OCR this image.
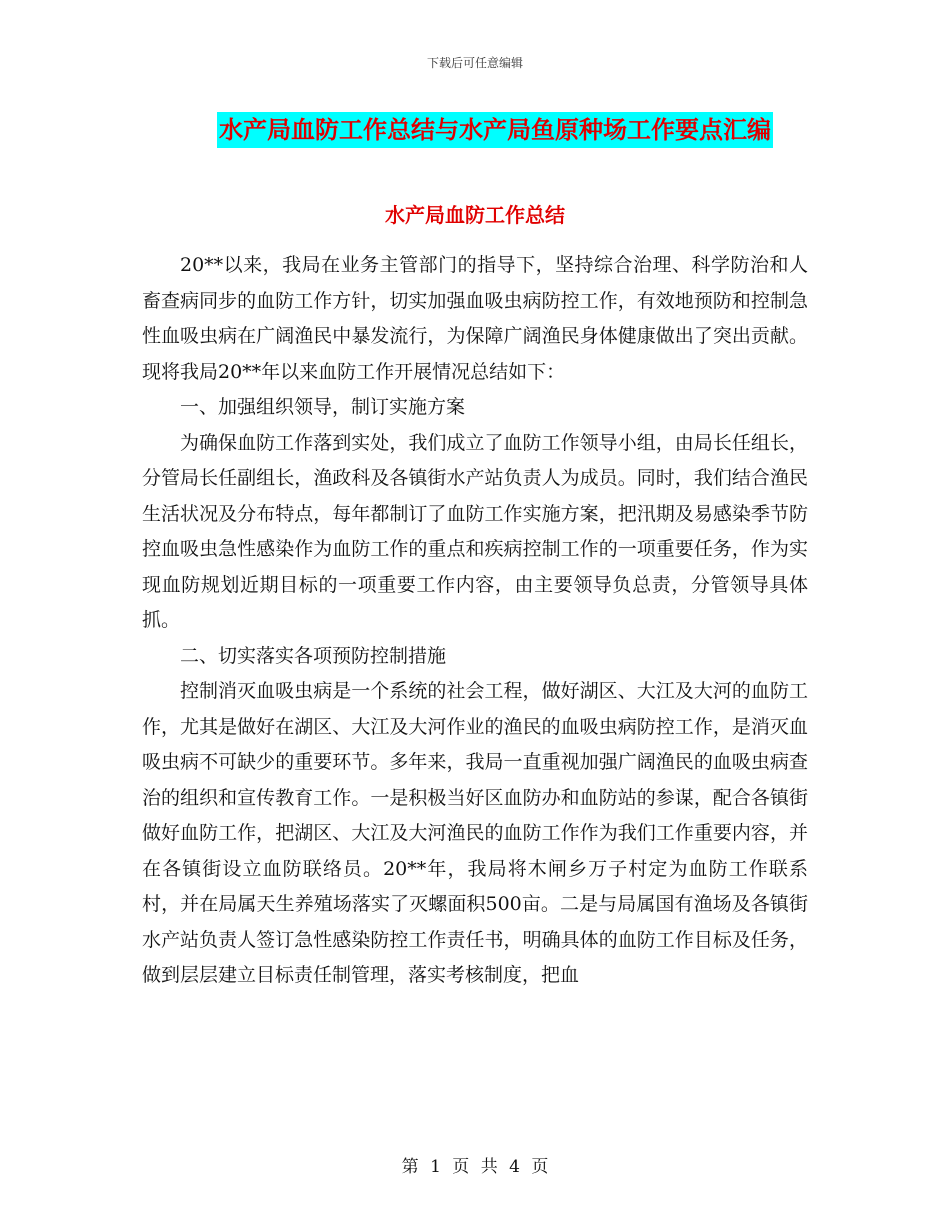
下载后可任意编辑
水产局血防工作总结与水产局鱼原种场工作要点汇编
水产局血防工作总结

20**以来，我局在业务主管部门的指导下，坚持综合治理、科学防治和人畜查病同步的血防工作方针，切实加强血吸虫病防控工作，有效地预防和控制急性血吸虫病在广阔渔民中暴发流行，为保障广阔渔民身体健康做出了突出贡献。现将我局20**年以来血防工作开展情况总结如下：

一、加强组织领导，制订实施方案

为确保血防工作落到实处，我们成立了血防工作领导小组，由局长任组长，分管局长任副组长，渔政科及各镇街水产站负责人为成员。同时，我们结合渔民生活状况及分布特点，每年都制订了血防工作实施方案，把汛期及易感染季节防控血吸虫急性感染作为血防工作的重点和疾病控制工作的一项重要任务，作为实现血防规划近期目标的一项重要工作内容，由主要领导负总责，分管领导具体抓。

二、切实落实各项预防控制措施

控制消灭血吸虫病是一个系统的社会工程，做好湖区、大江及大河的血防工作，尤其是做好在湖区、大江及大河作业的渔民的血吸虫病防控工作，是消灭血吸虫病不可缺少的重要环节。多年来，我局一直重视加强广阔渔民的血吸虫病查治的组织和宣传教育工作。一是积极当好区血防办和血防站的参谋，配合各镇街做好血防工作，把湖区、大江及大河渔民的血防工作作为我们工作重要内容，并在各镇街设立血防联络员。20**年，我局将木闸乡万子村定为血防工作联系村，并在局属天生养殖场落实了灭螺面积500亩。二是与局属国有渔场及各镇街水产站负责人签订急性感染防控工作责任书，明确具体的血防工作目标及任务，做到层层建立目标责任制管理，落实考核制度，把血

第 1 页 共 4 页
